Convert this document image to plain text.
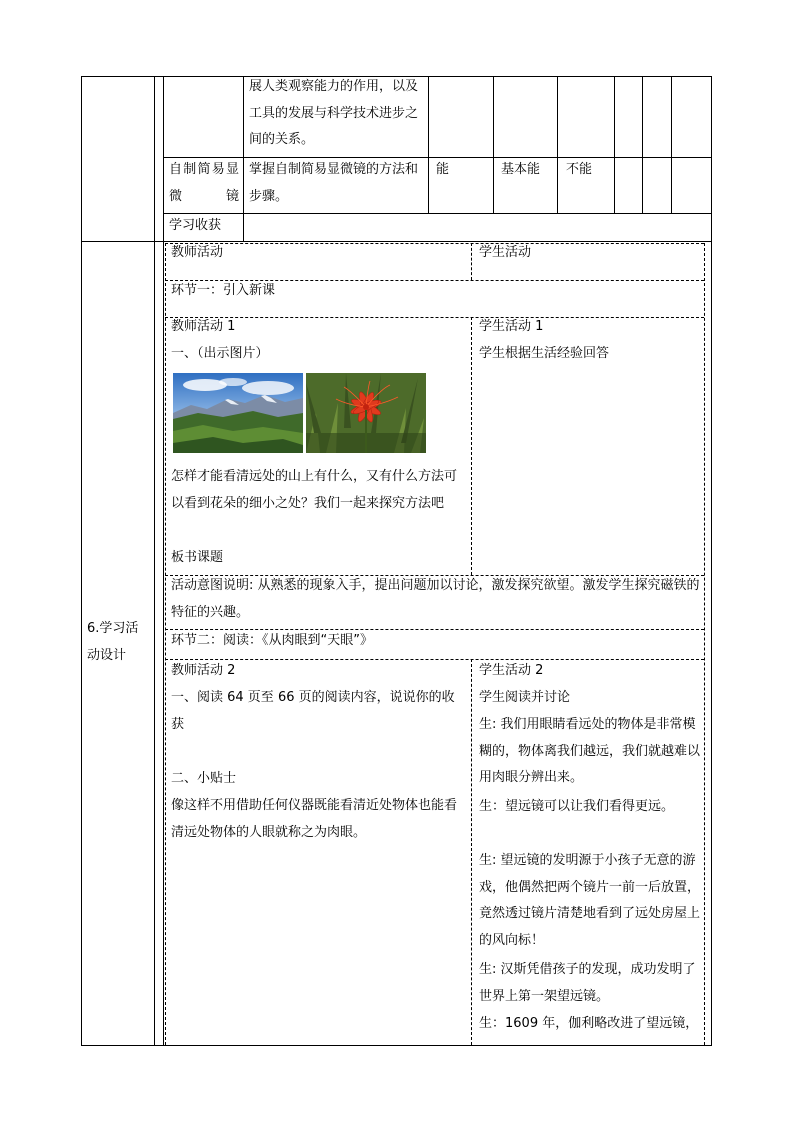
展人类观察能力的作用，以及工具的发展与科学技术进步之间的关系。
自制简易显微镜
掌握自制简易显微镜的方法和步骤。
能	基本能 不能
学习收获
6.学习活动设计
教师活动	学生活动
环节一：引入新课
教师活动 1
一、（出示图片）
怎样才能看清远处的山上有什么，又有什么方法可以看到花朵的细小之处？我们一起来探究方法吧
板书课题
学生活动 1
学生根据生活经验回答
活动意图说明: 从熟悉的现象入手，提出问题加以讨论，激发探究欲望。激发学生探究磁铁的特征的兴趣。
环节二：阅读：《从肉眼到“天眼”》
教师活动 2
一、阅读 64 页至 66 页的阅读内容，说说你的收获
二、小贴士
像这样不用借助任何仪器既能看清近处物体也能看清远处物体的人眼就称之为肉眼。
学生活动 2
学生阅读并讨论
生: 我们用眼睛看远处的物体是非常模糊的，物体离我们越远，我们就越难以用肉眼分辨出来。
生：望远镜可以让我们看得更远。
生: 望远镜的发明源于小孩子无意的游戏，他偶然把两个镜片一前一后放置，竟然透过镜片清楚地看到了远处房屋上的风向标！
生: 汉斯凭借孩子的发现，成功发明了世界上第一架望远镜。
生：1609 年，伽利略改进了望远镜，
